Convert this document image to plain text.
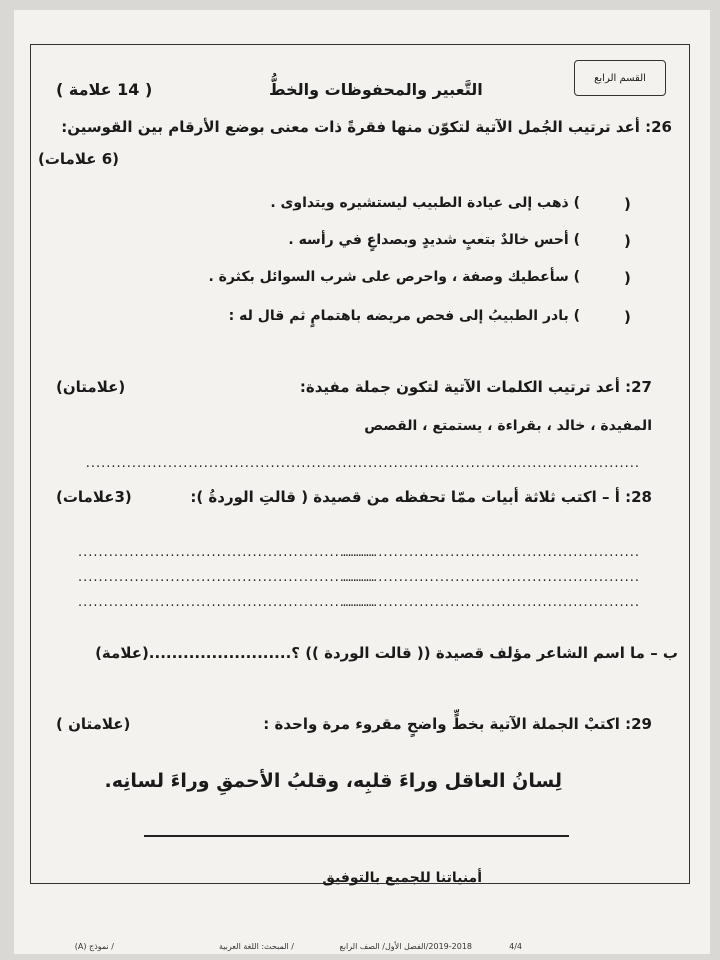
القسم الرابع
التَّعبير والمحفوظات والخطُّ
( 14 علامة )
26: أعد ترتيب الجُمل الآتية لتكوّن منها فقرةً ذات معنى بوضع الأرقام بين القوسين:
(6 علامات)
(
) ذهب إلى عيادة الطبيب ليستشيره ويتداوى .
(
) أحس خالدٌ بتعبٍ شديدٍ وبصداعٍ في رأسه .
(
) سأعطيك وصفة ، واحرص على شرب السوائل بكثرة .
(
) بادر الطبيبُ إلى فحص مريضه باهتمامٍ ثم قال له :
27: أعد ترتيب الكلمات الآتية لتكون جملة مفيدة:
(علامتان)
المفيدة ، خالد ، بقراءة ، يستمتع ، القصص
............................................................................................................
28: أ – اكتب ثلاثة أبيات ممّا تحفظه من قصيدة ( قالتِ الوردةُ ):
(3علامات)
..........................................................
..........................................................
..........................................................
..........................................................
..........................................................
..........................................................
ب – ما اسم الشاعر مؤلف قصيدة (( قالت الوردة )) ؟.........................(علامة)
29: اكتبْ الجملة الآتية بخطٍّ واضحٍ مقروء مرة واحدة :
(علامتان )
لِسانُ العاقل وراءَ قلبِه، وقلبُ الأحمقِ وراءَ لسانِه.
أمنياتنا للجميع بالتوفيق
4/4
2019-2018/الفصل الأول/ الصف الرابع
/ المبحث: اللغة العربية
/ نموذج (A)
